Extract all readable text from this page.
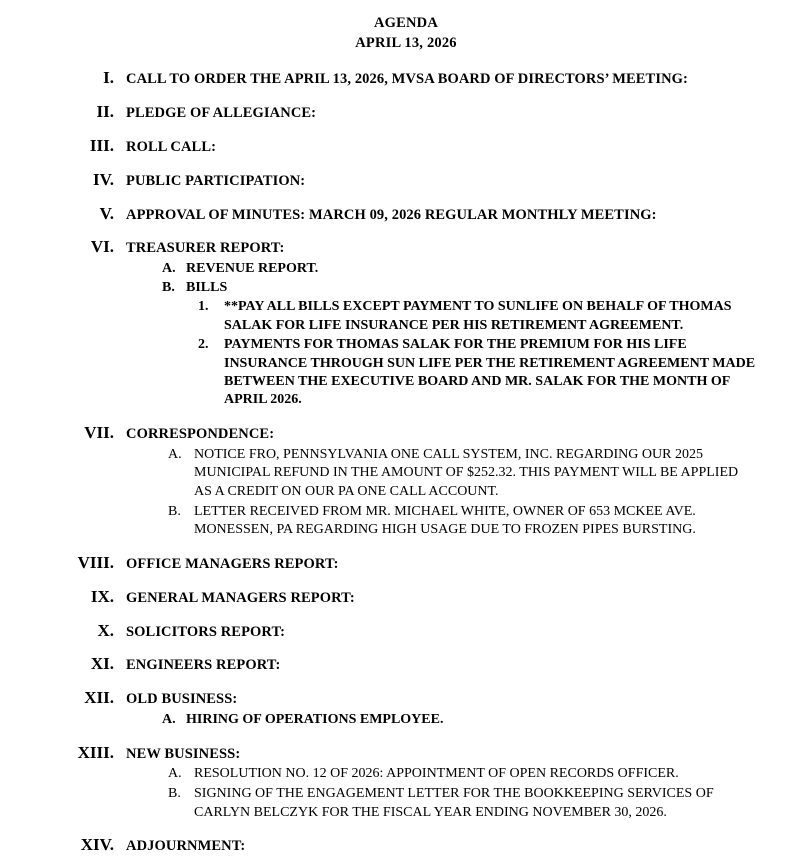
AGENDA
APRIL 13, 2026
I. CALL TO ORDER THE APRIL 13, 2026, MVSA BOARD OF DIRECTORS’ MEETING:
II. PLEDGE OF ALLEGIANCE:
III. ROLL CALL:
IV. PUBLIC PARTICIPATION:
V. APPROVAL OF MINUTES: MARCH 09, 2026 REGULAR MONTHLY MEETING:
VI. TREASURER REPORT:
A. REVENUE REPORT.
B. BILLS
1.	**PAY ALL BILLS EXCEPT PAYMENT TO SUNLIFE ON BEHALF OF THOMAS SALAK FOR LIFE INSURANCE PER HIS RETIREMENT AGREEMENT.
2.	PAYMENTS FOR THOMAS SALAK FOR THE PREMIUM FOR HIS LIFE INSURANCE THROUGH SUN LIFE PER THE RETIREMENT AGREEMENT MADE BETWEEN THE EXECUTIVE BOARD AND MR. SALAK FOR THE MONTH OF APRIL 2026.
VII. CORRESPONDENCE:
A. NOTICE FRO, PENNSYLVANIA ONE CALL SYSTEM, INC. REGARDING OUR 2025 MUNICIPAL REFUND IN THE AMOUNT OF $252.32. THIS PAYMENT WILL BE APPLIED AS A CREDIT ON OUR PA ONE CALL ACCOUNT.
B. LETTER RECEIVED FROM MR. MICHAEL WHITE, OWNER OF 653 MCKEE AVE. MONESSEN, PA REGARDING HIGH USAGE DUE TO FROZEN PIPES BURSTING.
VIII. OFFICE MANAGERS REPORT:
IX. GENERAL MANAGERS REPORT:
X. SOLICITORS REPORT:
XI. ENGINEERS REPORT:
XII. OLD BUSINESS:
A. HIRING OF OPERATIONS EMPLOYEE.
XIII. NEW BUSINESS:
A. RESOLUTION NO. 12 OF 2026: APPOINTMENT OF OPEN RECORDS OFFICER.
B. SIGNING OF THE ENGAGEMENT LETTER FOR THE BOOKKEEPING SERVICES OF CARLYN BELCZYK FOR THE FISCAL YEAR ENDING NOVEMBER 30, 2026.
XIV. ADJOURNMENT:
